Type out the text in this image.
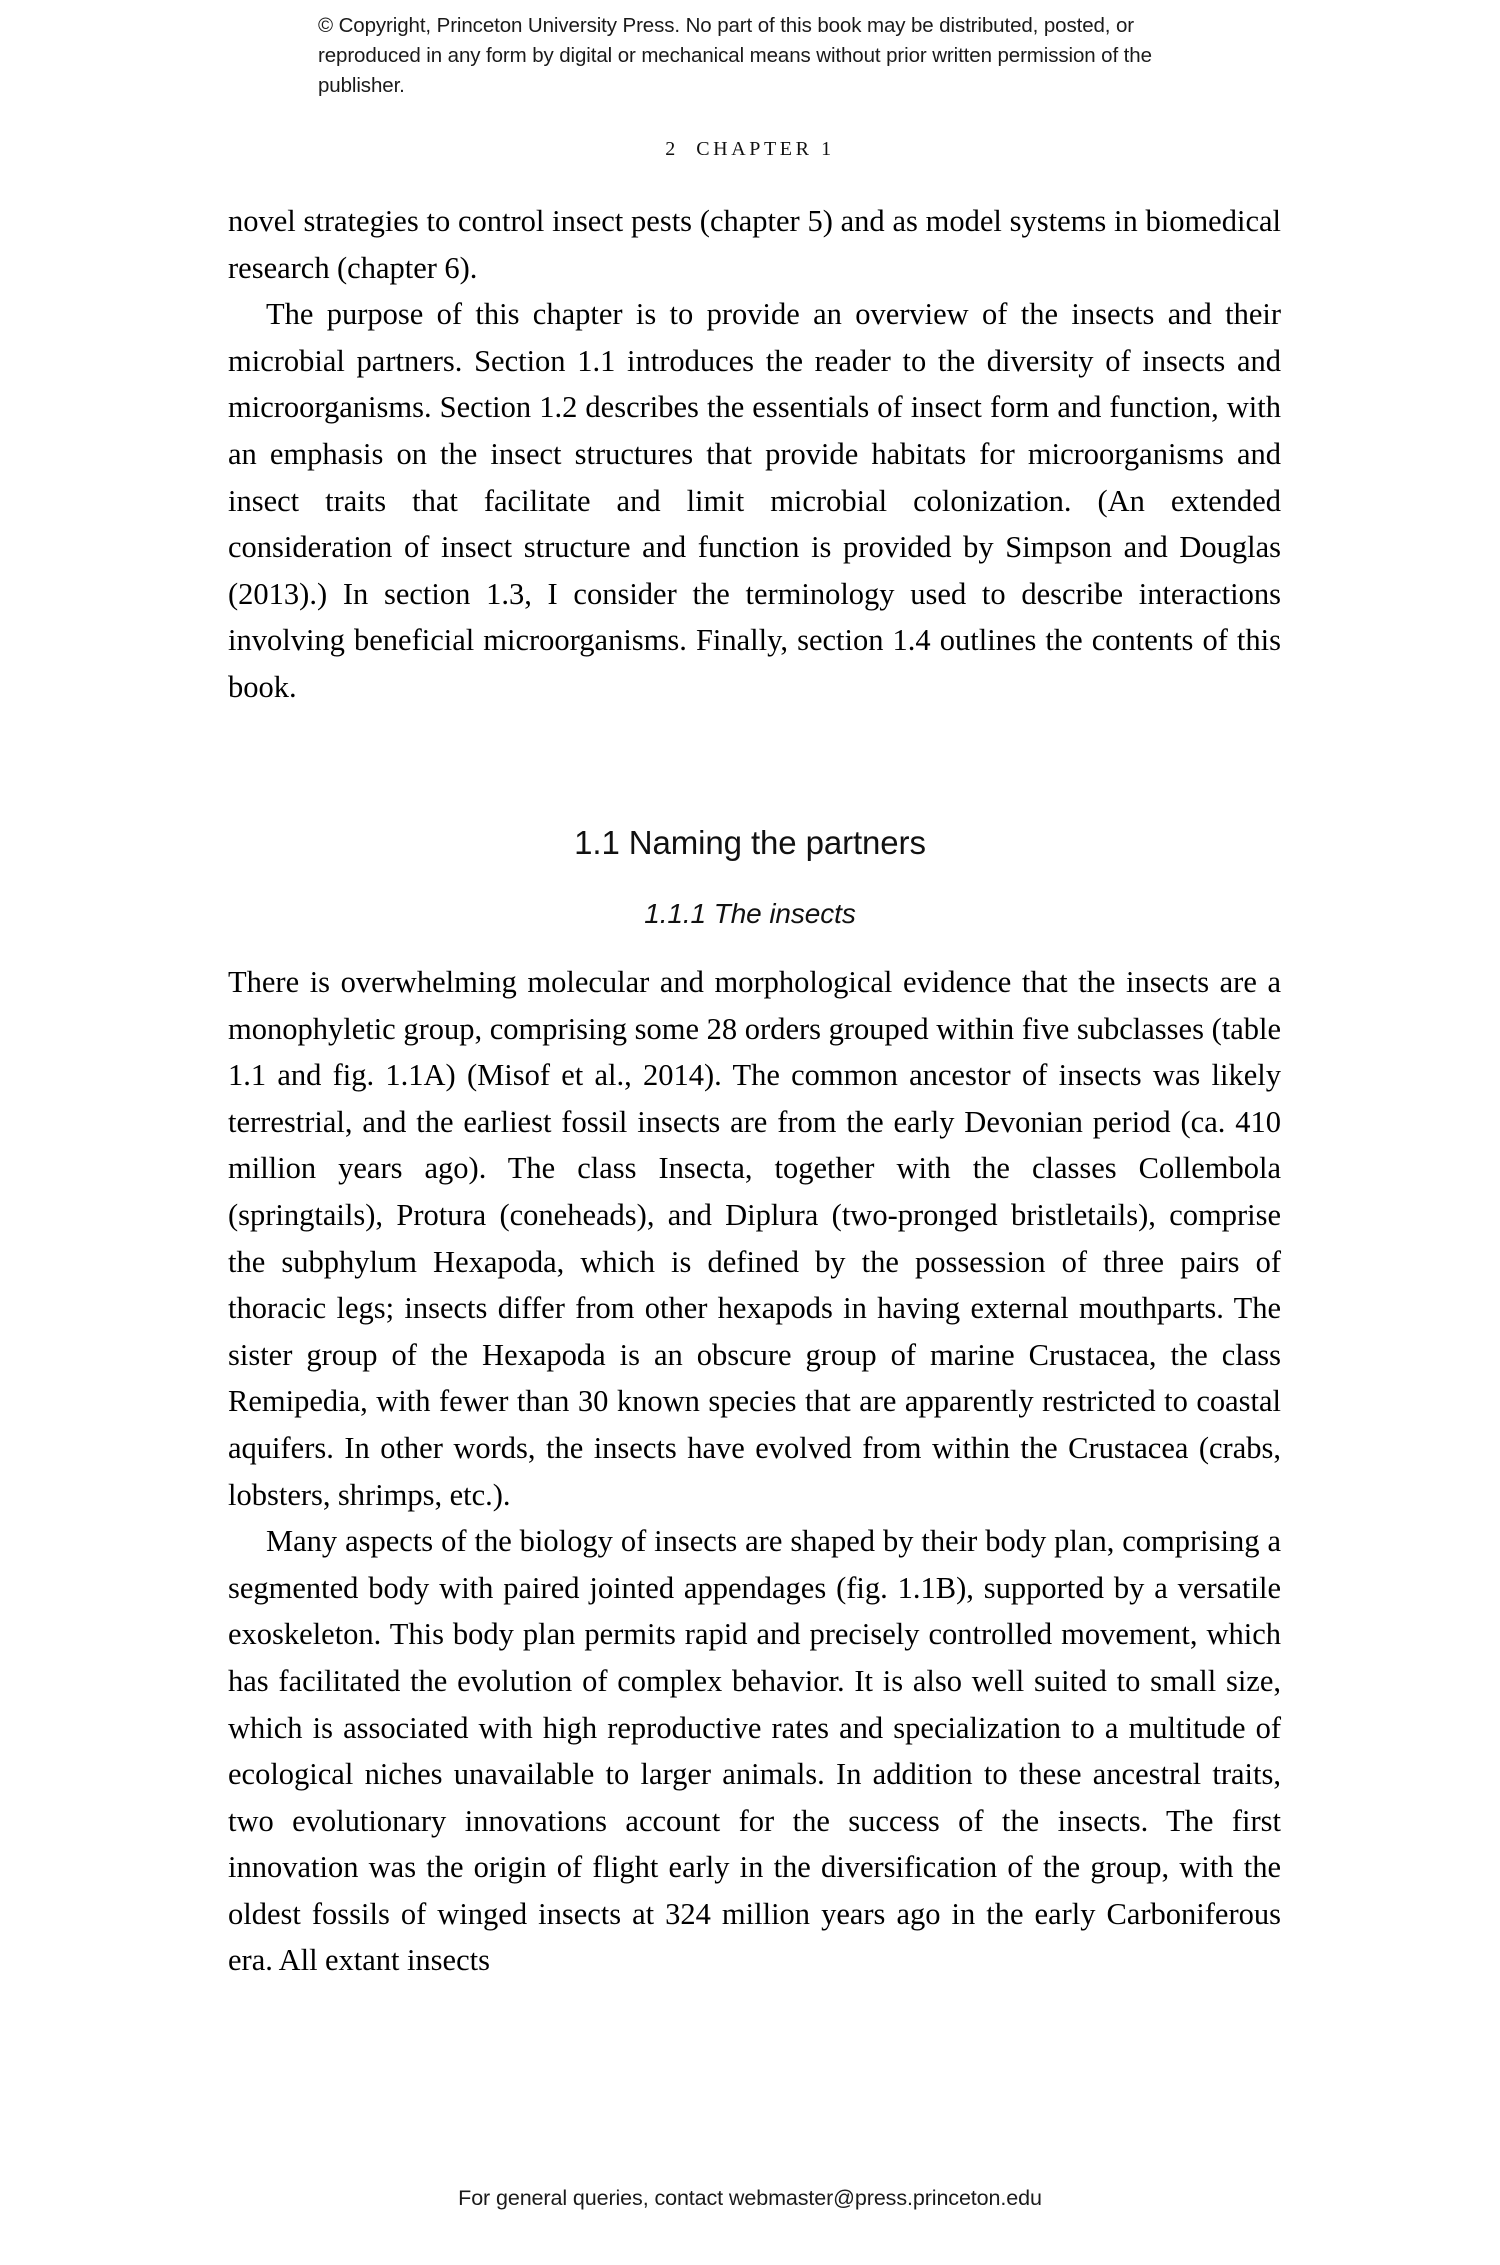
© Copyright, Princeton University Press. No part of this book may be distributed, posted, or reproduced in any form by digital or mechanical means without prior written permission of the publisher.
2 CHAPTER 1

novel strategies to control insect pests (chapter 5) and as model systems in biomedical research (chapter 6).

The purpose of this chapter is to provide an overview of the insects and their microbial partners. Section 1.1 introduces the reader to the diversity of insects and microorganisms. Section 1.2 describes the essentials of insect form and function, with an emphasis on the insect structures that provide habitats for microorganisms and insect traits that facilitate and limit microbial colonization. (An extended consideration of insect structure and function is provided by Simpson and Douglas (2013).) In section 1.3, I consider the terminology used to describe interactions involving beneficial microorganisms. Finally, section 1.4 outlines the contents of this book.

1.1 Naming the partners
1.1.1 The insects

There is overwhelming molecular and morphological evidence that the insects are a monophyletic group, comprising some 28 orders grouped within five subclasses (table 1.1 and fig. 1.1A) (Misof et al., 2014). The common ancestor of insects was likely terrestrial, and the earliest fossil insects are from the early Devonian period (ca. 410 million years ago). The class Insecta, together with the classes Collembola (springtails), Protura (coneheads), and Diplura (two-pronged bristletails), comprise the subphylum Hexapoda, which is defined by the possession of three pairs of thoracic legs; insects differ from other hexapods in having external mouthparts. The sister group of the Hexapoda is an obscure group of marine Crustacea, the class Remipedia, with fewer than 30 known species that are apparently restricted to coastal aquifers. In other words, the insects have evolved from within the Crustacea (crabs, lobsters, shrimps, etc.).

Many aspects of the biology of insects are shaped by their body plan, comprising a segmented body with paired jointed appendages (fig. 1.1B), supported by a versatile exoskeleton. This body plan permits rapid and precisely controlled movement, which has facilitated the evolution of complex behavior. It is also well suited to small size, which is associated with high reproductive rates and specialization to a multitude of ecological niches unavailable to larger animals. In addition to these ancestral traits, two evolutionary innovations account for the success of the insects. The first innovation was the origin of flight early in the diversification of the group, with the oldest fossils of winged insects at 324 million years ago in the early Carboniferous era. All extant insects

For general queries, contact webmaster@press.princeton.edu
